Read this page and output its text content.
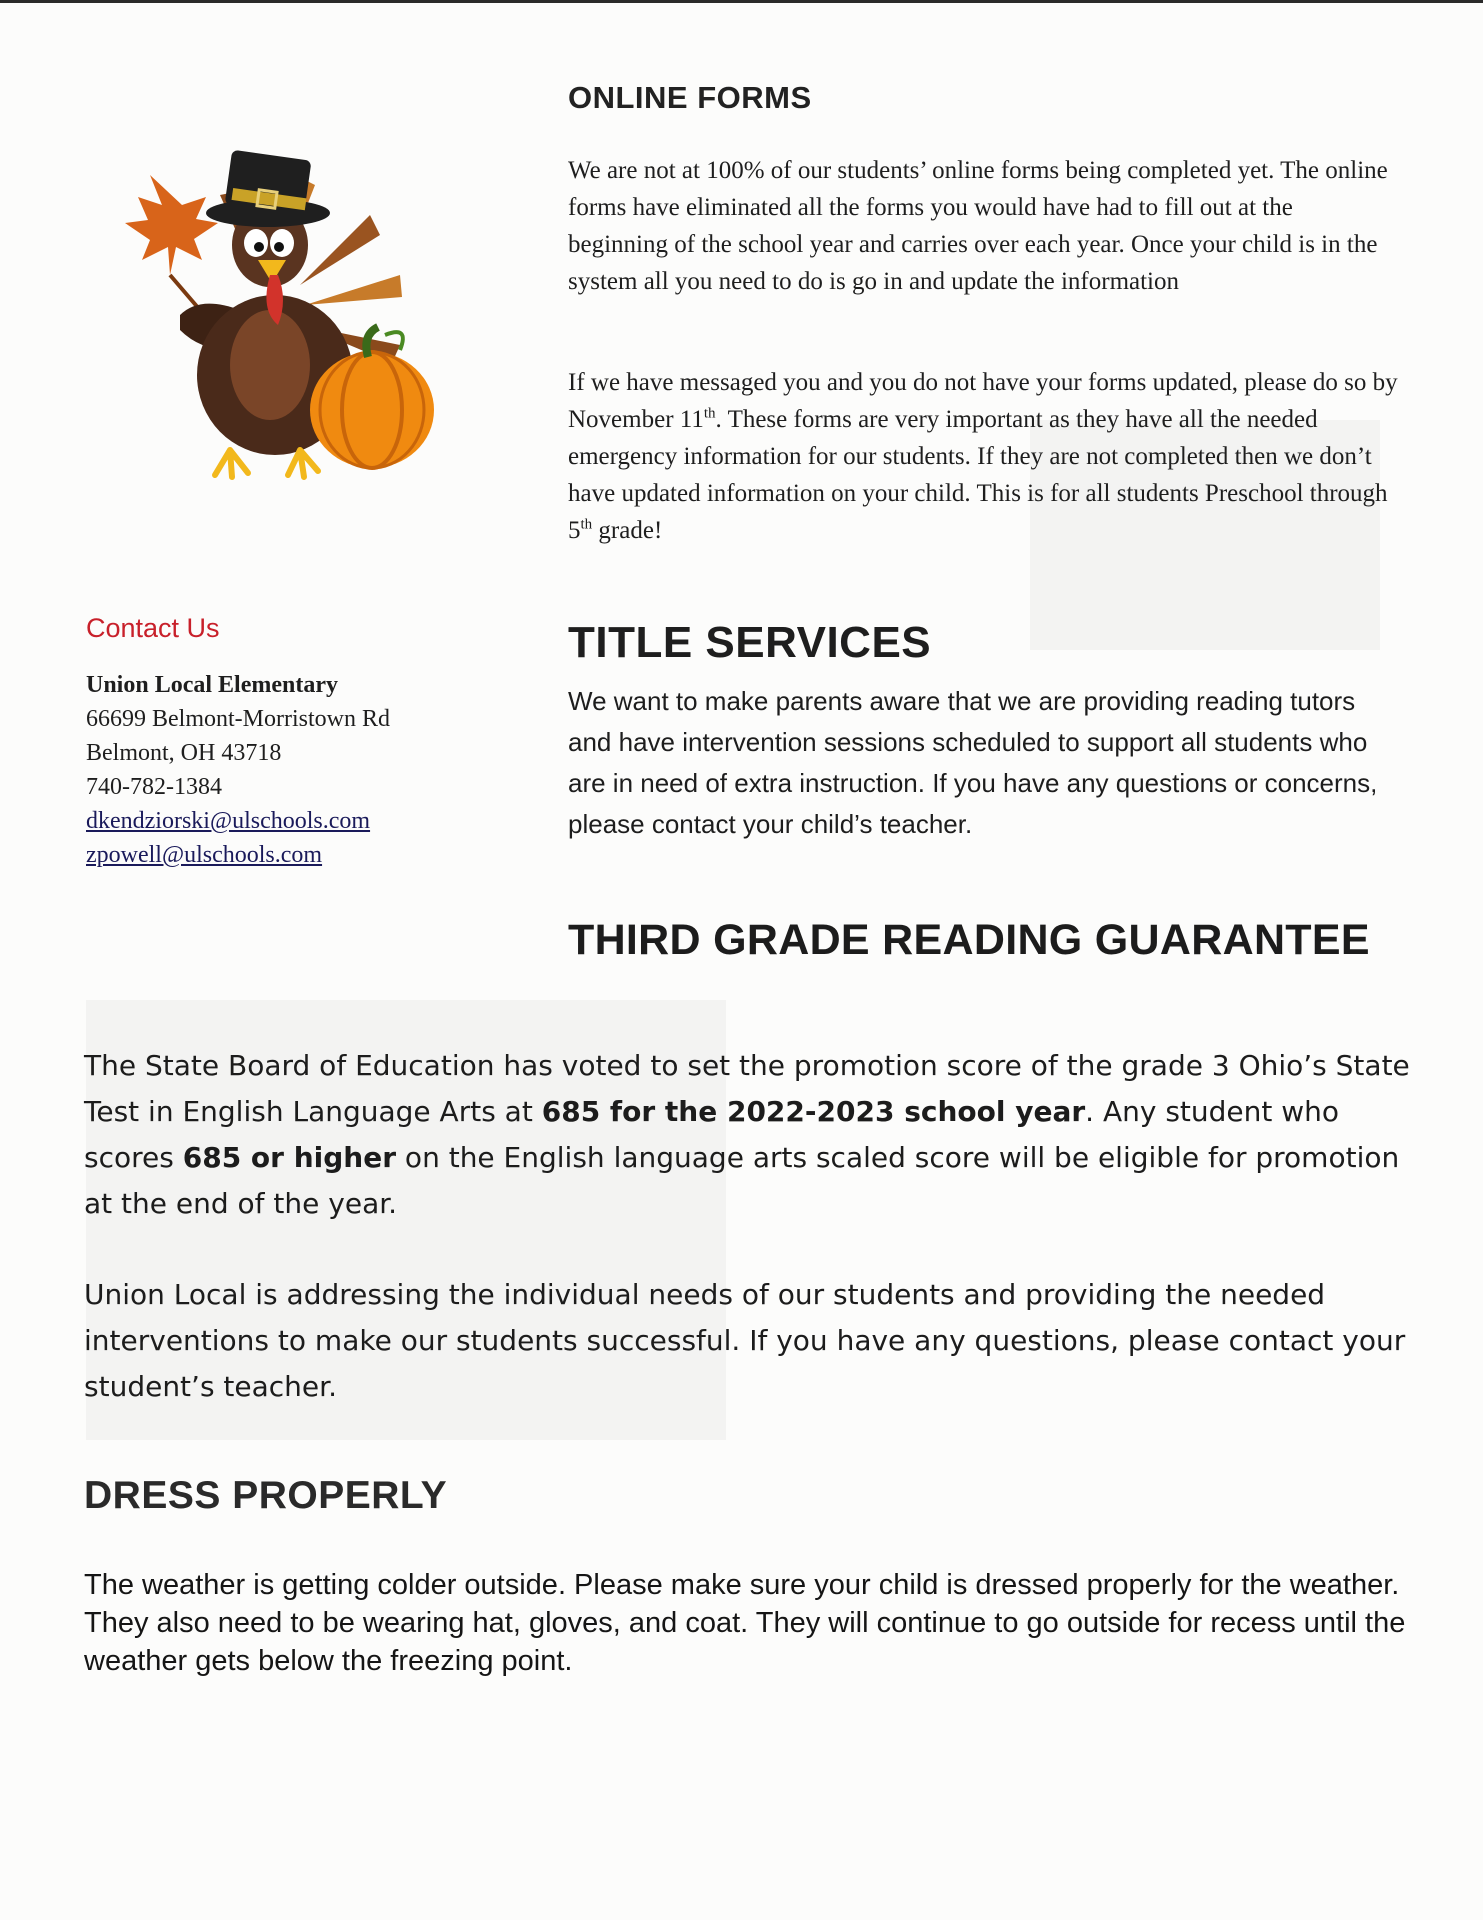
ONLINE FORMS

We are not at 100% of our students’ online forms being completed yet. The online forms have eliminated all the forms you would have had to fill out at the beginning of the school year and carries over each year. Once your child is in the system all you need to do is go in and update the information

If we have messaged you and you do not have your forms updated, please do so by November 11th. These forms are very important as they have all the needed emergency information for our students. If they are not completed then we don’t have updated information on your child. This is for all students Preschool through 5th grade!

Contact Us
Union Local Elementary
66699 Belmont-Morristown Rd
Belmont, OH 43718
740-782-1384
dkendziorski@ulschools.com
zpowell@ulschools.com
TITLE SERVICES

We want to make parents aware that we are providing reading tutors and have intervention sessions scheduled to support all students who are in need of extra instruction. If you have any questions or concerns, please contact your child’s teacher.

THIRD GRADE READING GUARANTEE

The State Board of Education has voted to set the promotion score of the grade 3 Ohio’s State Test in English Language Arts at 685 for the 2022-2023 school year. Any student who scores 685 or higher on the English language arts scaled score will be eligible for promotion at the end of the year.

Union Local is addressing the individual needs of our students and providing the needed interventions to make our students successful. If you have any questions, please contact your student’s teacher.

DRESS PROPERLY

The weather is getting colder outside. Please make sure your child is dressed properly for the weather. They also need to be wearing hat, gloves, and coat. They will continue to go outside for recess until the weather gets below the freezing point.
